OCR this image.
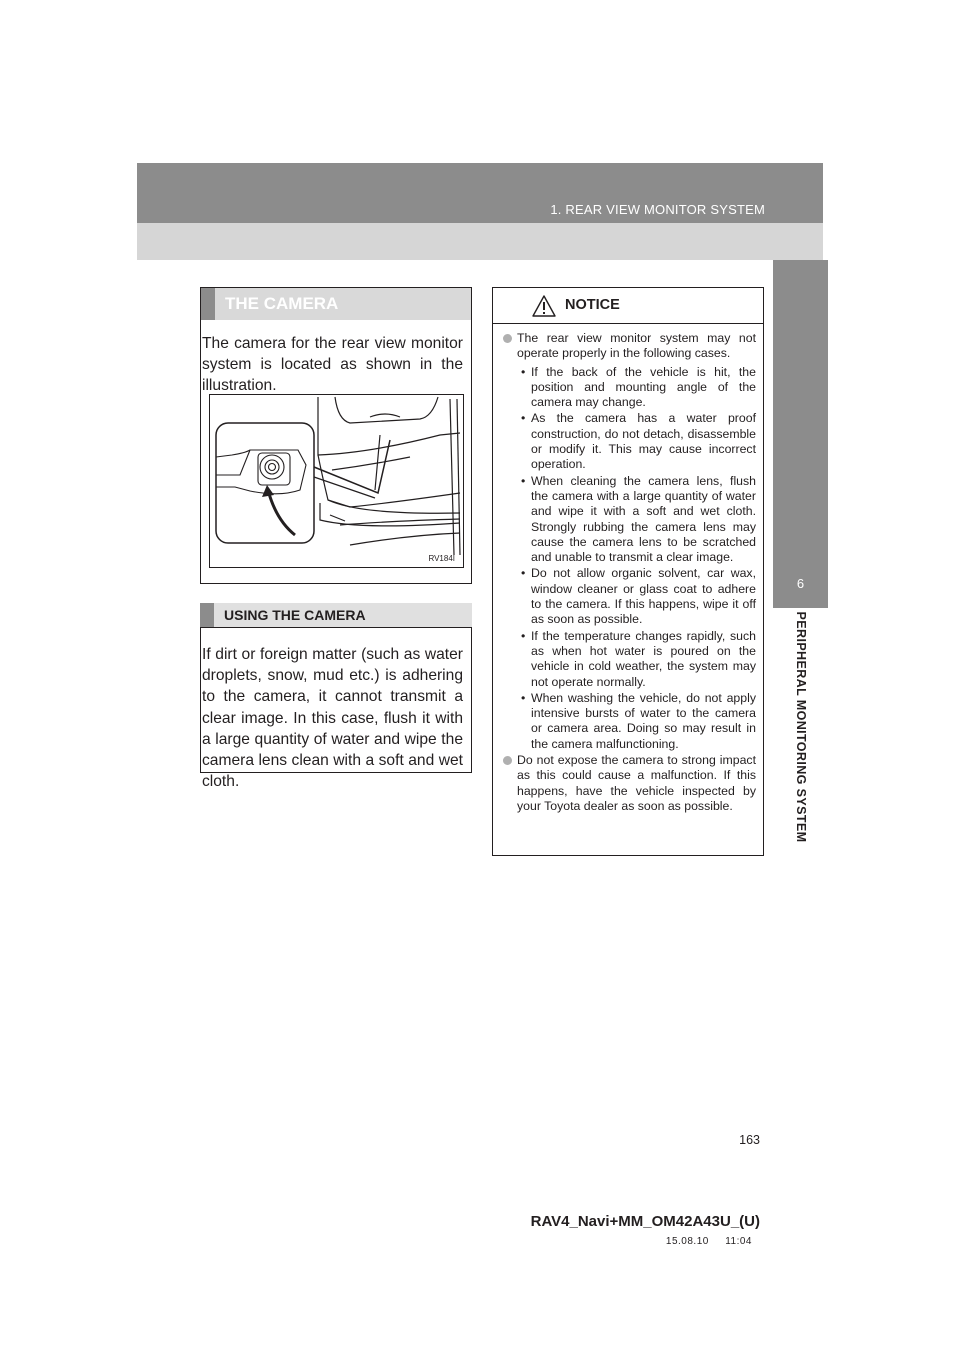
1. REAR VIEW MONITOR SYSTEM
6
PERIPHERAL MONITORING SYSTEM
THE CAMERA
The camera for the rear view monitor system is located as shown in the illustration.
RV184I
USING THE CAMERA
If dirt or foreign matter (such as water droplets, snow, mud etc.) is adhering to the camera, it cannot transmit a clear image. In this case, flush it with a large quantity of water and wipe the camera lens clean with a soft and wet cloth.
NOTICE
The rear view monitor system may not operate properly in the following cases.
• If the back of the vehicle is hit, the position and mounting angle of the camera may change.
• As the camera has a water proof construction, do not detach, disassemble or modify it. This may cause incorrect operation.
• When cleaning the camera lens, flush the camera with a large quantity of water and wipe it with a soft and wet cloth. Strongly rubbing the camera lens may cause the camera lens to be scratched and unable to transmit a clear image.
• Do not allow organic solvent, car wax, window cleaner or glass coat to adhere to the camera. If this happens, wipe it off as soon as possible.
• If the temperature changes rapidly, such as when hot water is poured on the vehicle in cold weather, the system may not operate normally.
• When washing the vehicle, do not apply intensive bursts of water to the camera or camera area. Doing so may result in the camera malfunctioning.
Do not expose the camera to strong impact as this could cause a malfunction. If this happens, have the vehicle inspected by your Toyota dealer as soon as possible.
163
RAV4_Navi+MM_OM42A43U_(U)
15.08.10     11:04
